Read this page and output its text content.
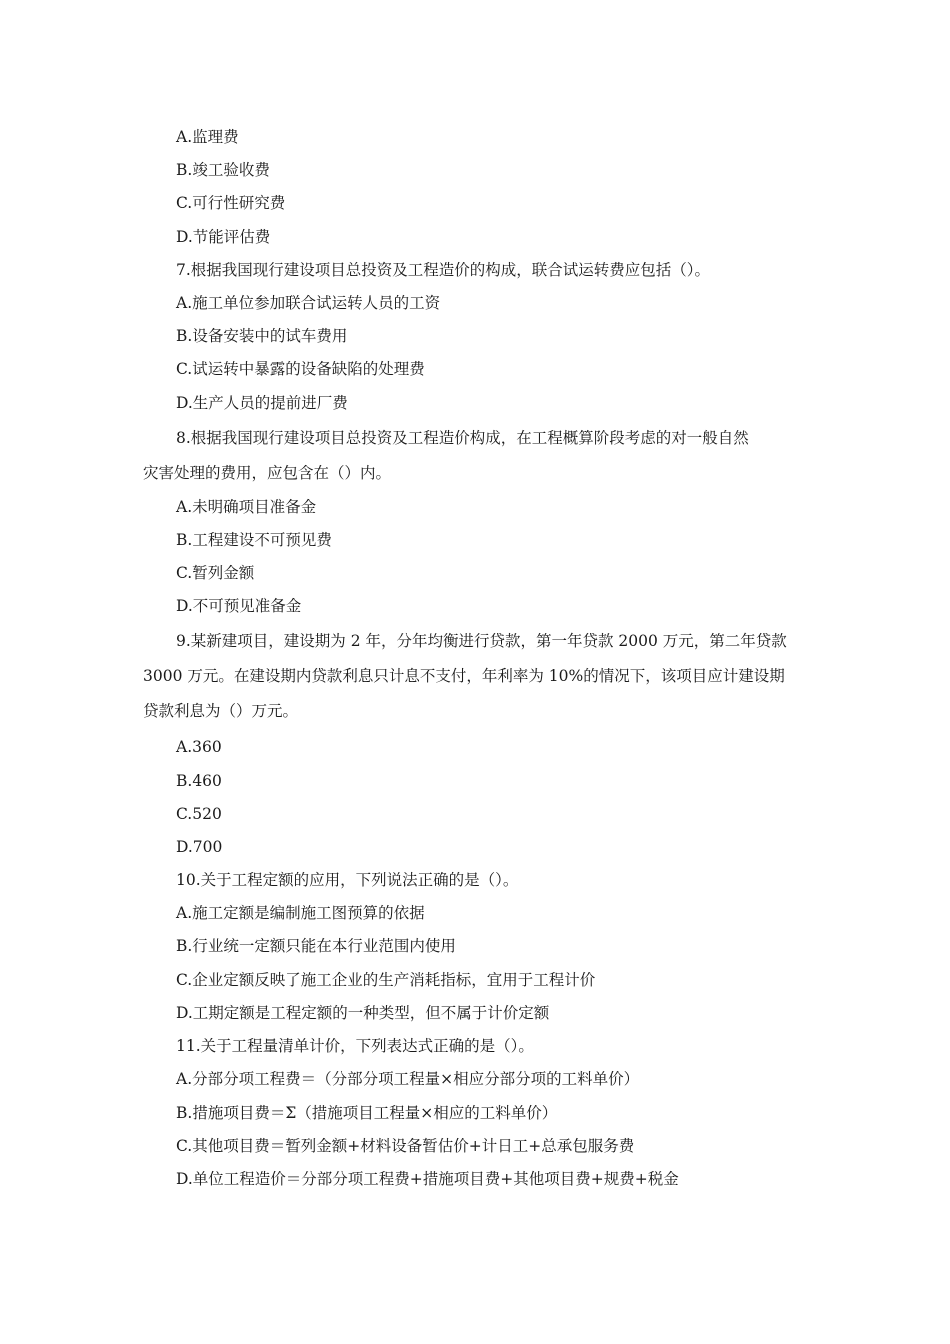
A.监理费
B.竣工验收费
C.可行性研究费
D.节能评估费
7.根据我国现行建设项目总投资及工程造价的构成，联合试运转费应包括（）。
A.施工单位参加联合试运转人员的工资
B.设备安装中的试车费用
C.试运转中暴露的设备缺陷的处理费
D.生产人员的提前进厂费
8.根据我国现行建设项目总投资及工程造价构成，在工程概算阶段考虑的对一般自然
灾害处理的费用，应包含在（）内。
A.未明确项目准备金
B.工程建设不可预见费
C.暂列金额
D.不可预见准备金
9.某新建项目，建设期为 2 年，分年均衡进行贷款，第一年贷款 2000 万元，第二年贷款
3000 万元。在建设期内贷款利息只计息不支付，年利率为 10%的情况下，该项目应计建设期
贷款利息为（）万元。
A.360
B.460
C.520
D.700
10.关于工程定额的应用，下列说法正确的是（）。
A.施工定额是编制施工图预算的依据
B.行业统一定额只能在本行业范围内使用
C.企业定额反映了施工企业的生产消耗指标，宜用于工程计价
D.工期定额是工程定额的一种类型，但不属于计价定额
11.关于工程量清单计价，下列表达式正确的是（）。
A.分部分项工程费＝（分部分项工程量×相应分部分项的工料单价）
B.措施项目费＝Σ（措施项目工程量×相应的工料单价）
C.其他项目费＝暂列金额+材料设备暂估价+计日工+总承包服务费
D.单位工程造价＝分部分项工程费+措施项目费+其他项目费+规费+税金
